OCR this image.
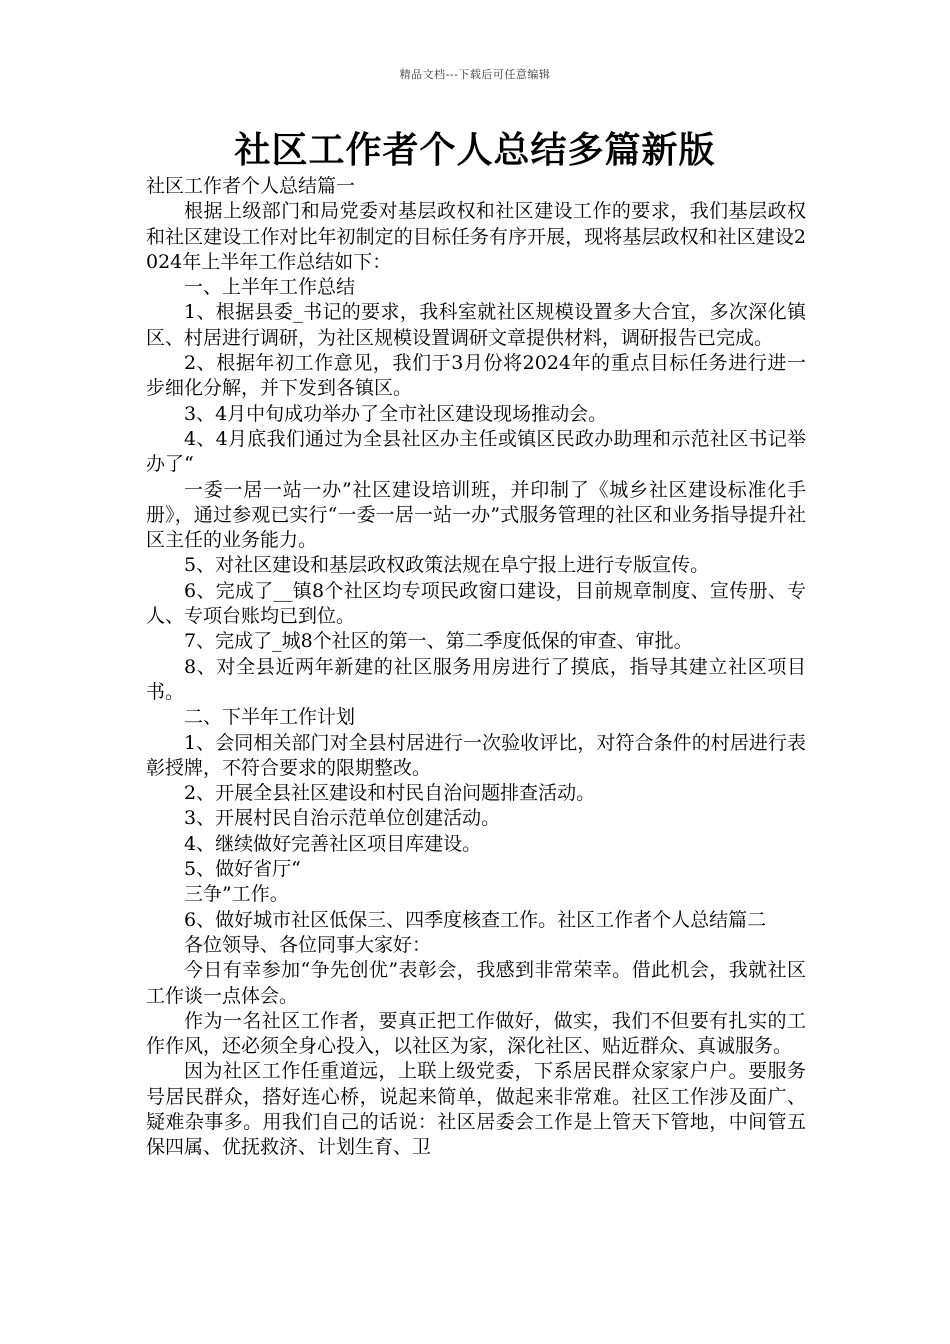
精品文档---下载后可任意编辑
社区工作者个人总结多篇新版

社区工作者个人总结篇一

根据上级部门和局党委对基层政权和社区建设工作的要求，我们基层政权和社区建设工作对比年初制定的目标任务有序开展，现将基层政权和社区建设2024年上半年工作总结如下：

一、上半年工作总结

1、根据县委_书记的要求，我科室就社区规模设置多大合宜，多次深化镇区、村居进行调研，为社区规模设置调研文章提供材料，调研报告已完成。

2、根据年初工作意见，我们于3月份将2024年的重点目标任务进行进一步细化分解，并下发到各镇区。

3、4月中旬成功举办了全市社区建设现场推动会。

4、4月底我们通过为全县社区办主任或镇区民政办助理和示范社区书记举办了“

一委一居一站一办”社区建设培训班，并印制了《城乡社区建设标准化手册》，通过参观已实行“一委一居一站一办”式服务管理的社区和业务指导提升社区主任的业务能力。

5、对社区建设和基层政权政策法规在阜宁报上进行专版宣传。

6、完成了__镇8个社区均专项民政窗口建设，目前规章制度、宣传册、专人、专项台账均已到位。

7、完成了_城8个社区的第一、第二季度低保的审查、审批。

8、对全县近两年新建的社区服务用房进行了摸底，指导其建立社区项目书。

二、下半年工作计划

1、会同相关部门对全县村居进行一次验收评比，对符合条件的村居进行表彰授牌，不符合要求的限期整改。

2、开展全县社区建设和村民自治问题排查活动。

3、开展村民自治示范单位创建活动。

4、继续做好完善社区项目库建设。

5、做好省厅“

三争”工作。

6、做好城市社区低保三、四季度核查工作。社区工作者个人总结篇二

各位领导、各位同事大家好：

今日有幸参加“争先创优”表彰会，我感到非常荣幸。借此机会，我就社区工作谈一点体会。

作为一名社区工作者，要真正把工作做好，做实，我们不但要有扎实的工作作风，还必须全身心投入，以社区为家，深化社区、贴近群众、真诚服务。

因为社区工作任重道远，上联上级党委，下系居民群众家家户户。要服务号居民群众，搭好连心桥，说起来简单，做起来非常难。社区工作涉及面广、疑难杂事多。用我们自己的话说：社区居委会工作是上管天下管地，中间管五保四属、优抚救济、计划生育、卫
